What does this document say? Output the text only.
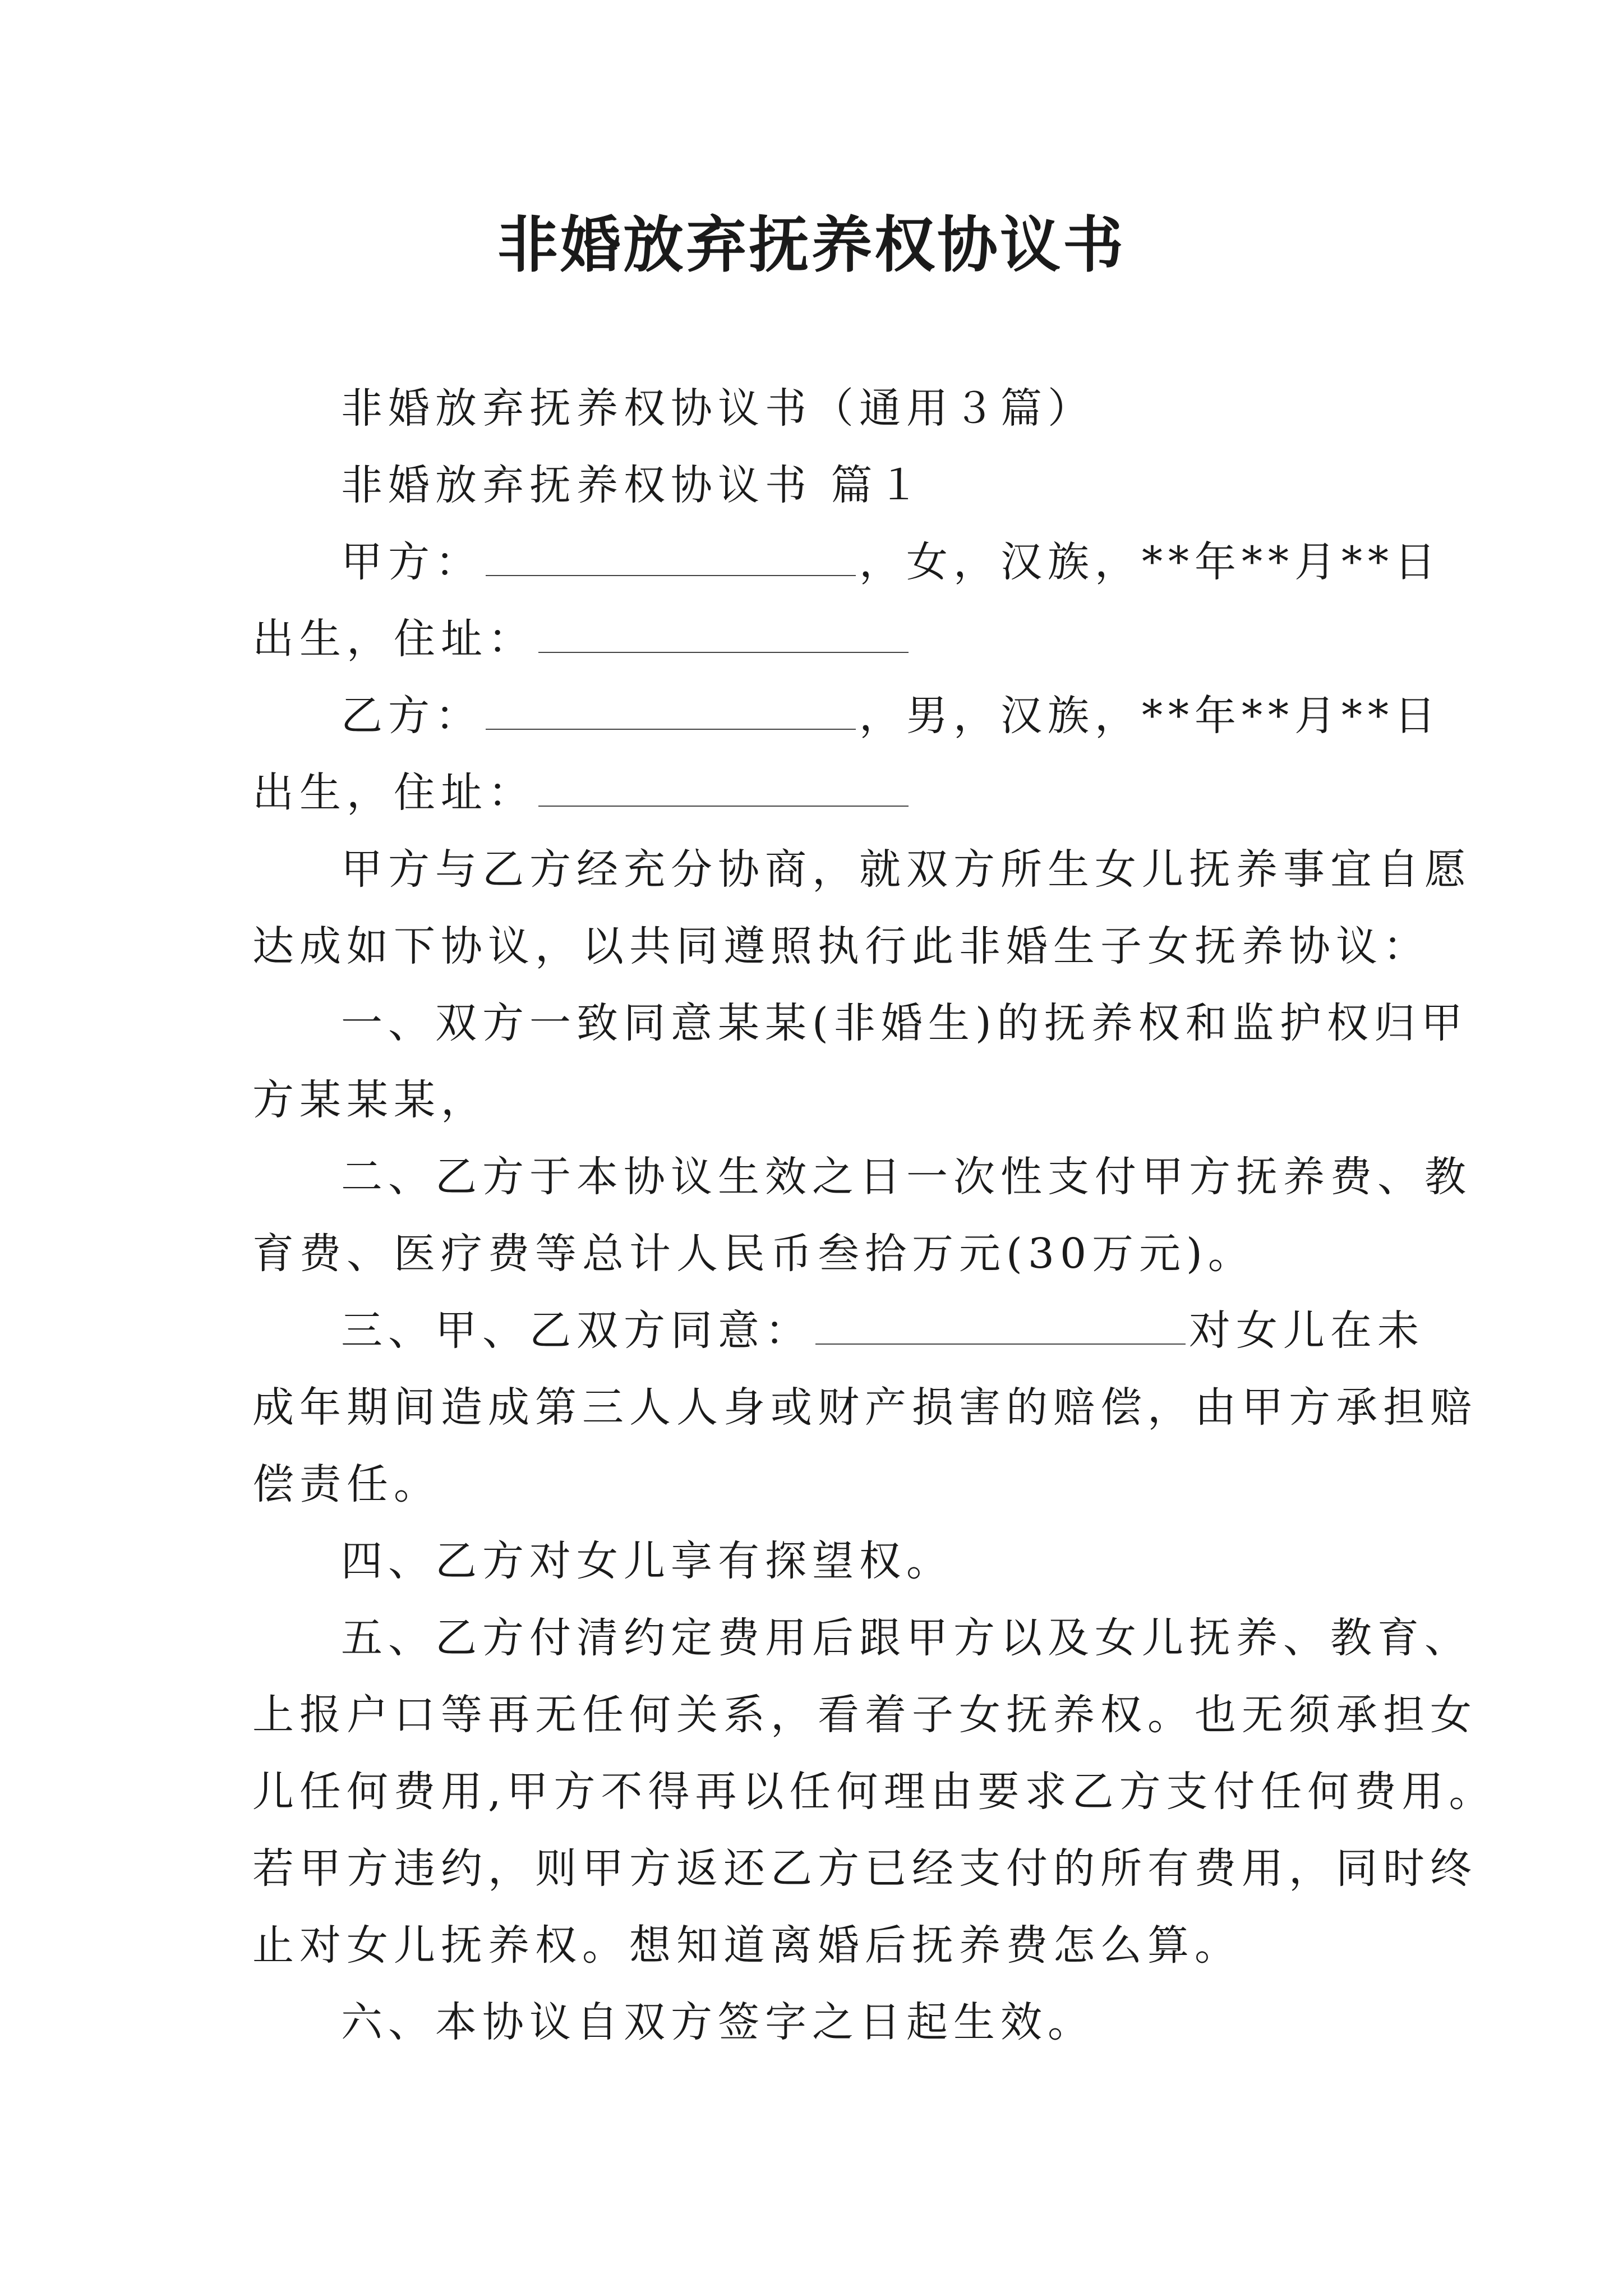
非婚放弃抚养权协议书
非婚放弃抚养权协议书（通用３篇）
非婚放弃抚养权协议书 篇１
甲方：	，女，汉族，**年**月**日
出生，住址：
乙方：	，男，汉族，**年**月**日
出生，住址：
甲方与乙方经充分协商，就双方所生女儿抚养事宜自愿
达成如下协议，以共同遵照执行此非婚生子女抚养协议：
一、双方一致同意某某(非婚生)的抚养权和监护权归甲
方某某某，
二、乙方于本协议生效之日一次性支付甲方抚养费、教
育费、医疗费等总计人民币叁拾万元(30万元)。
三、甲、乙双方同意：	对女儿在未
成年期间造成第三人人身或财产损害的赔偿，由甲方承担赔
偿责任。
四、乙方对女儿享有探望权。
五、乙方付清约定费用后跟甲方以及女儿抚养、教育、
上报户口等再无任何关系，看着子女抚养权。也无须承担女
儿任何费用,甲方不得再以任何理由要求乙方支付任何费用。
若甲方违约，则甲方返还乙方已经支付的所有费用，同时终
止对女儿抚养权。想知道离婚后抚养费怎么算。
六、本协议自双方签字之日起生效。
